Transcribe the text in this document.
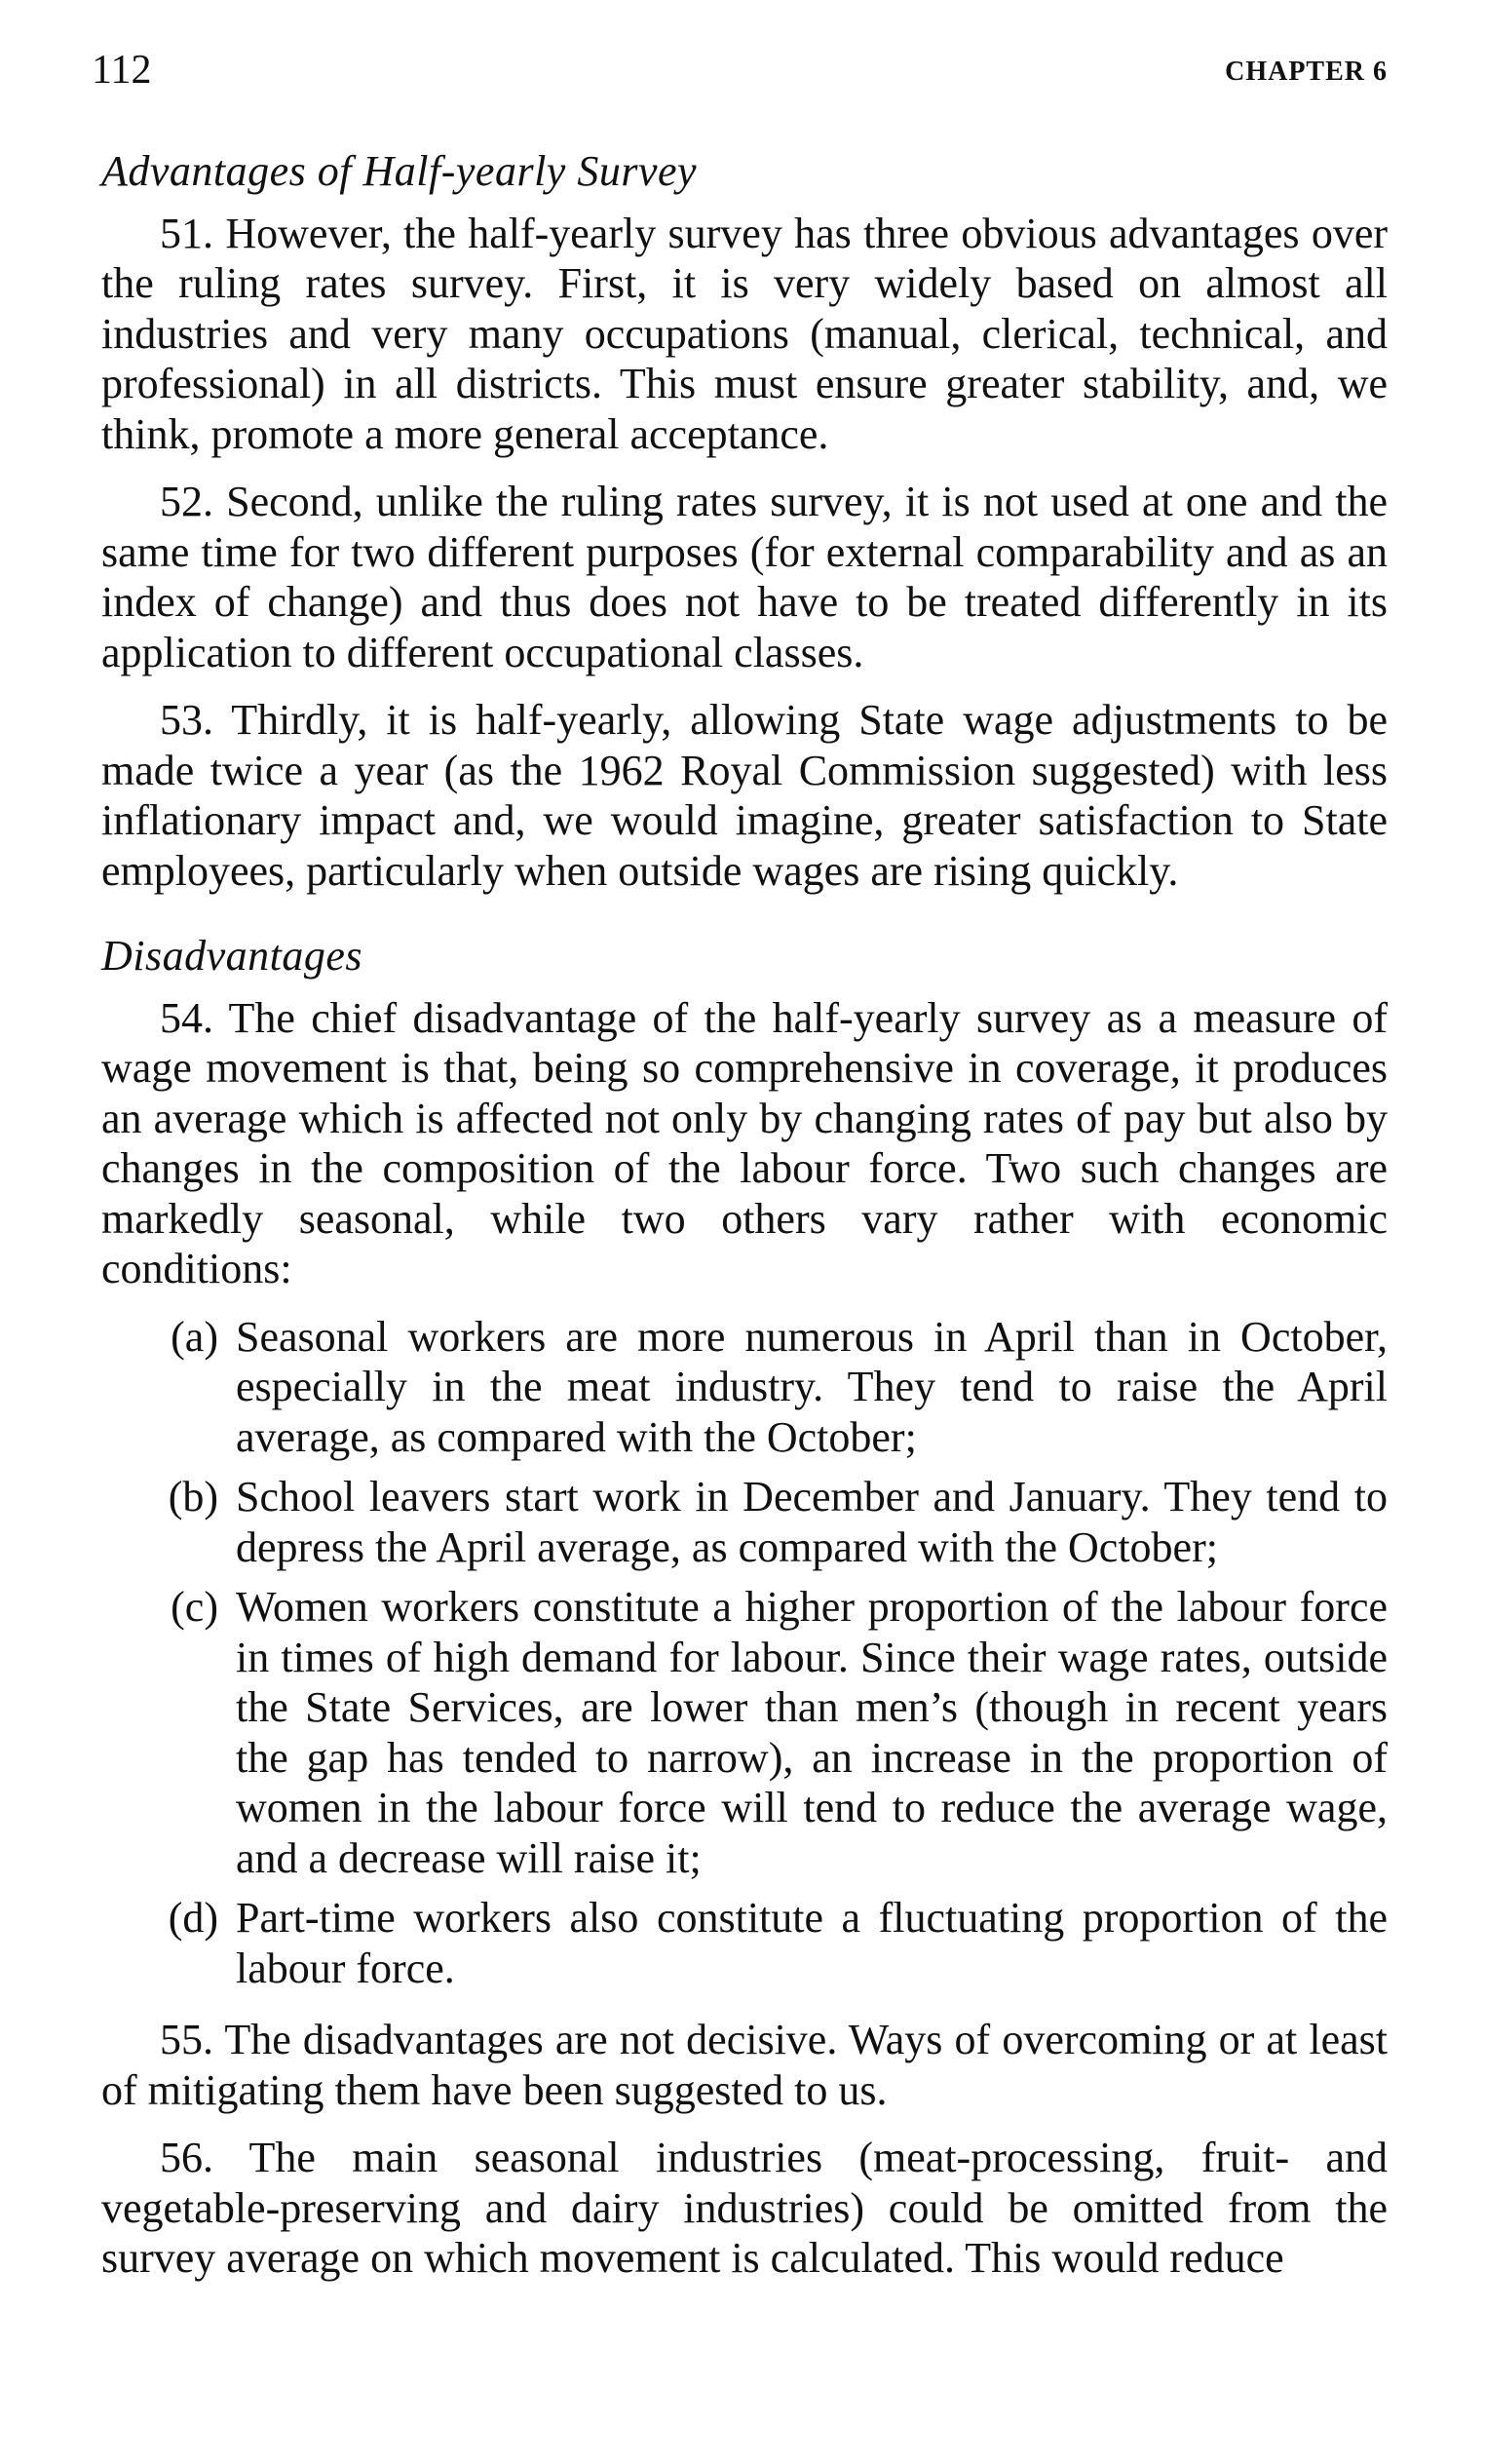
112	CHAPTER 6
Advantages of Half-yearly Survey

51. However, the half-yearly survey has three obvious advantages over the ruling rates survey. First, it is very widely based on almost all industries and very many occupations (manual, clerical, technical, and professional) in all districts. This must ensure greater stability, and, we think, promote a more general acceptance.

52. Second, unlike the ruling rates survey, it is not used at one and the same time for two different purposes (for external comparability and as an index of change) and thus does not have to be treated differently in its application to different occupational classes.

53. Thirdly, it is half-yearly, allowing State wage adjustments to be made twice a year (as the 1962 Royal Commission suggested) with less inflationary impact and, we would imagine, greater satisfaction to State employees, particularly when outside wages are rising quickly.

Disadvantages

54. The chief disadvantage of the half-yearly survey as a measure of wage movement is that, being so comprehensive in coverage, it produces an average which is affected not only by changing rates of pay but also by changes in the composition of the labour force. Two such changes are markedly seasonal, while two others vary rather with economic conditions:

(a) Seasonal workers are more numerous in April than in October, especially in the meat industry. They tend to raise the April average, as compared with the October;
(b) School leavers start work in December and January. They tend to depress the April average, as compared with the October;
(c) Women workers constitute a higher proportion of the labour force in times of high demand for labour. Since their wage rates, outside the State Services, are lower than men’s (though in recent years the gap has tended to narrow), an increase in the proportion of women in the labour force will tend to reduce the average wage, and a decrease will raise it;
(d) Part-time workers also constitute a fluctuating proportion of the labour force.

55. The disadvantages are not decisive. Ways of overcoming or at least of mitigating them have been suggested to us.

56. The main seasonal industries (meat-processing, fruit- and vegetable-preserving and dairy industries) could be omitted from the survey average on which movement is calculated. This would reduce
